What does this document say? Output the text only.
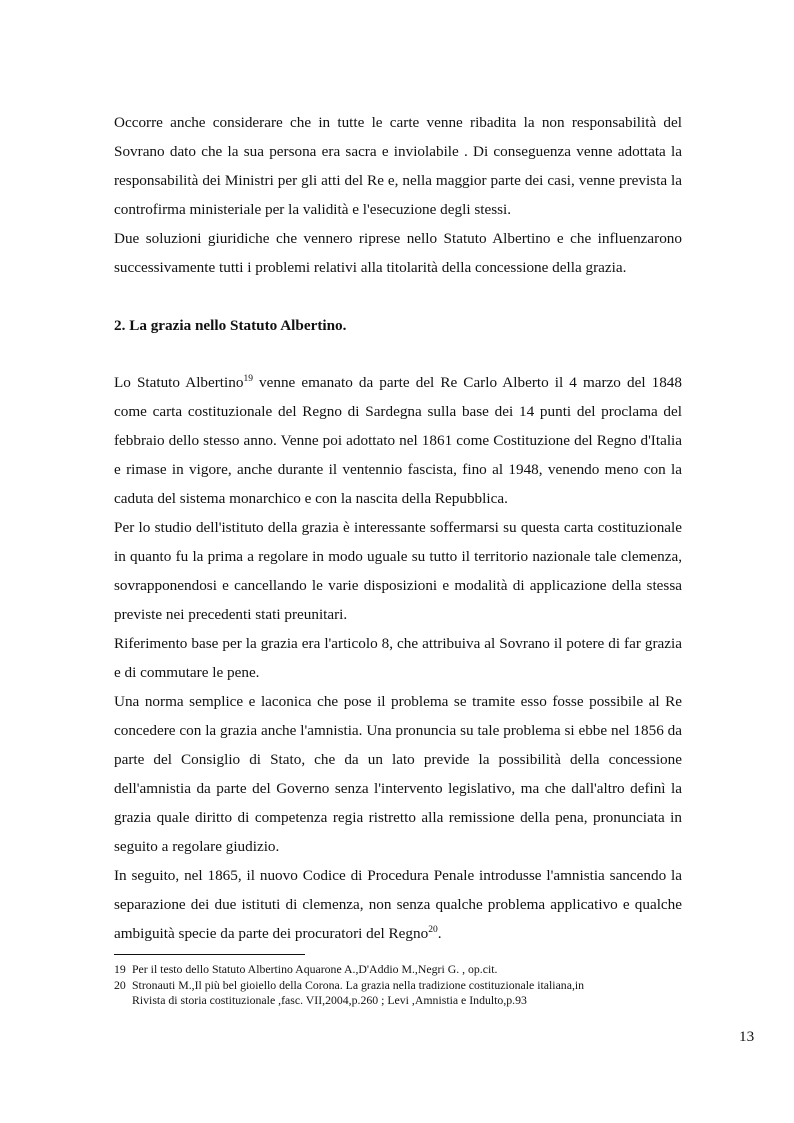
Occorre anche considerare che in tutte le carte venne ribadita la non responsabilità del Sovrano dato che la sua persona era sacra e inviolabile . Di conseguenza venne adottata la responsabilità dei Ministri per gli atti del Re e, nella maggior parte dei casi, venne prevista la controfirma ministeriale per la validità e l'esecuzione degli stessi.

Due soluzioni giuridiche che vennero riprese nello Statuto Albertino e che influenzarono successivamente tutti i problemi relativi alla titolarità della concessione della grazia.

2. La grazia nello Statuto Albertino.

Lo Statuto Albertino$^{19}$ venne emanato da parte del Re Carlo Alberto il 4 marzo del 1848 come carta costituzionale del Regno di Sardegna sulla base dei 14 punti del proclama del febbraio dello stesso anno. Venne poi adottato nel 1861 come Costituzione del Regno d'Italia e rimase in vigore, anche durante il ventennio fascista, fino al 1948, venendo meno con la caduta del sistema monarchico e con la nascita della Repubblica.

Per lo studio dell'istituto della grazia è interessante soffermarsi su questa carta costituzionale in quanto fu la prima a regolare in modo uguale su tutto il territorio nazionale tale clemenza, sovrapponendosi e cancellando le varie disposizioni e modalità di applicazione della stessa previste nei precedenti stati preunitari.

Riferimento base per la grazia era l'articolo 8, che attribuiva al Sovrano il potere di far grazia e di commutare le pene.

Una norma semplice e laconica che pose il problema se tramite esso fosse possibile al Re concedere con la grazia anche l'amnistia. Una pronuncia su tale problema si ebbe nel 1856 da parte del Consiglio di Stato, che da un lato previde la possibilità della concessione dell'amnistia da parte del Governo senza l'intervento legislativo, ma che dall'altro definì la grazia quale diritto di competenza regia ristretto alla remissione della pena, pronunciata in seguito a regolare giudizio.

In seguito, nel 1865, il nuovo Codice di Procedura Penale introdusse l'amnistia sancendo la separazione dei due istituti di clemenza, non senza qualche problema applicativo e qualche ambiguità specie da parte dei procuratori del Regno$^{20}$.

19 Per il testo dello Statuto Albertino Aquarone A.,D'Addio M.,Negri G. , op.cit.
20 Stronauti M.,Il più bel gioiello della Corona. La grazia nella tradizione costituzionale italiana,in
Rivista di storia costituzionale ,fasc. VII,2004,p.260 ; Levi ,Amnistia e Indulto,p.93
13
